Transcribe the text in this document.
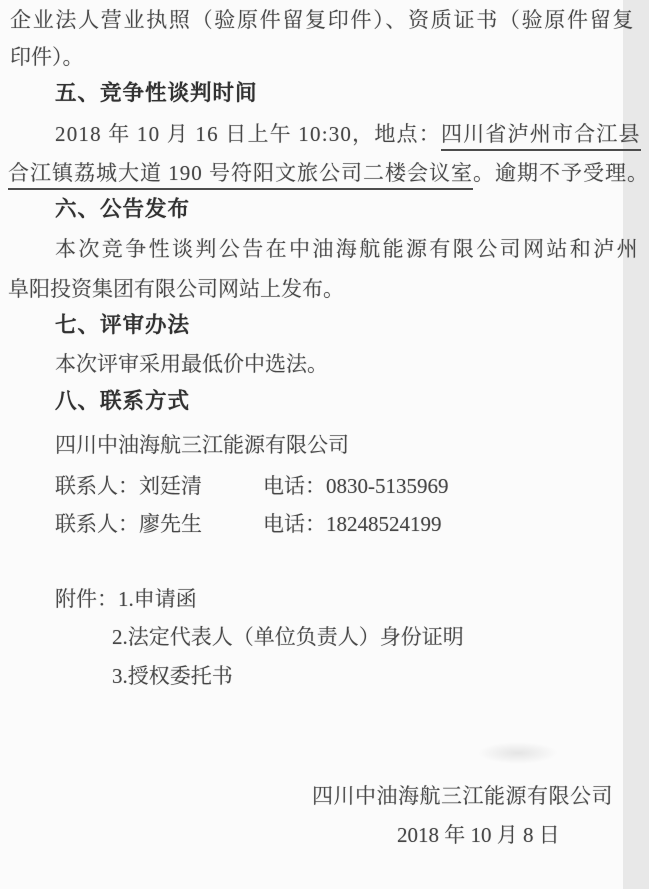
企业法人营业执照（验原件留复印件）、资质证书（验原件留复
印件）。
五、竞争性谈判时间
2018 年 10 月 16 日上午 10:30，地点：四川省泸州市合江县
合江镇荔城大道 190 号符阳文旅公司二楼会议室。逾期不予受理。
六、公告发布
本次竞争性谈判公告在中油海航能源有限公司网站和泸州
阜阳投资集团有限公司网站上发布。
七、评审办法
本次评审采用最低价中选法。
八、联系方式
四川中油海航三江能源有限公司
联系人：刘廷清	电话：0830-5135969
联系人：廖先生	电话：18248524199
附件：1.申请函
2.法定代表人（单位负责人）身份证明
3.授权委托书
四川中油海航三江能源有限公司
2018 年 10 月 8 日
